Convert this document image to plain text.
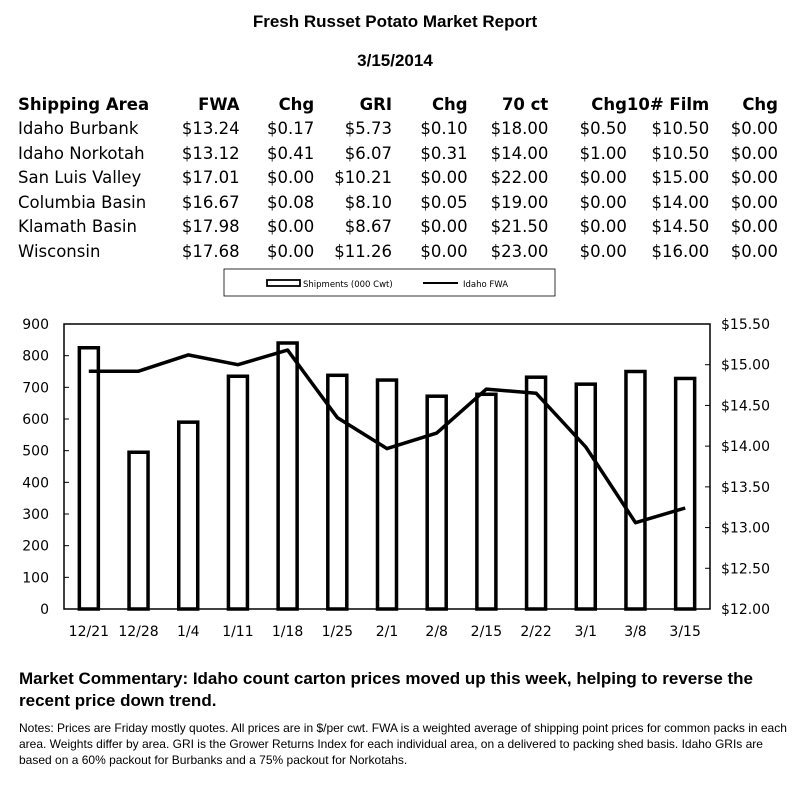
Fresh Russet Potato Market Report
3/15/2014
Shipping Area	FWA	Chg	GRI	Chg	70 ct	Chg	10# Film	Chg
Idaho Burbank	$13.24	$0.17	$5.73	$0.10	$18.00	$0.50	$10.50	$0.00
Idaho Norkotah	$13.12	$0.41	$6.07	$0.31	$14.00	$1.00	$10.50	$0.00
San Luis Valley	$17.01	$0.00	$10.21	$0.00	$22.00	$0.00	$15.00	$0.00
Columbia Basin	$16.67	$0.08	$8.10	$0.05	$19.00	$0.00	$14.00	$0.00
Klamath Basin	$17.98	$0.00	$8.67	$0.00	$21.50	$0.00	$14.50	$0.00
Wisconsin	$17.68	$0.00	$11.26	$0.00	$23.00	$0.00	$16.00	$0.00
Shipments (000 Cwt)	Idaho FWA
0
100
200
300
400
500
600
700
800
900
$12.00
$12.50
$13.00
$13.50
$14.00
$14.50
$15.00
$15.50
12/21 12/28 1/4 1/11 1/18 1/25 2/1 2/8 2/15 2/22 3/1 3/8 3/15
Market Commentary: Idaho count carton prices moved up this week, helping to reverse the recent price down trend.
Notes: Prices are Friday mostly quotes. All prices are in $/per cwt. FWA is a weighted average of shipping point prices for common packs in each area. Weights differ by area. GRI is the Grower Returns Index for each individual area, on a delivered to packing shed basis. Idaho GRIs are based on a 60% packout for Burbanks and a 75% packout for Norkotahs.
